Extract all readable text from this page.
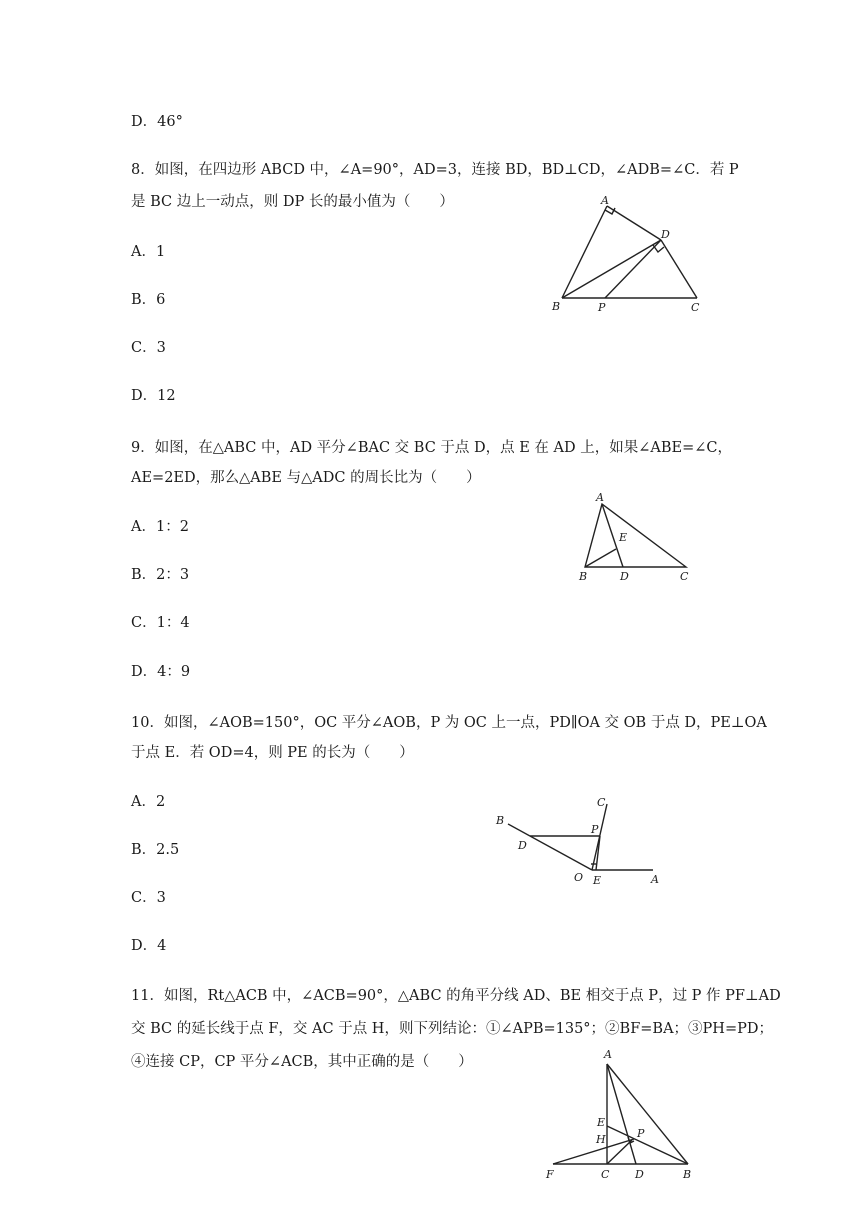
D．46°
8．如图，在四边形 ABCD 中，∠A=90°，AD=3，连接 BD，BD⊥CD，∠ADB=∠C．若 P
是 BC 边上一动点，则 DP 长的最小值为（　　）
A．1
B．6
C．3
D．12
A
D
B	P	C
9．如图，在△ABC 中，AD 平分∠BAC 交 BC 于点 D，点 E 在 AD 上，如果∠ABE=∠C，
AE=2ED，那么△ABE 与△ADC 的周长比为（　　）
A．1：2
B．2：3
C．1：4
D．4：9
A
E
B	D	C
10．如图，∠AOB=150°，OC 平分∠AOB，P 为 OC 上一点，PD∥OA 交 OB 于点 D，PE⊥OA
于点 E．若 OD=4，则 PE 的长为（　　）
A．2
B．2.5
C．3
D．4
B
C
P
D
O E	A
11．如图，Rt△ACB 中，∠ACB=90°，△ABC 的角平分线 AD、BE 相交于点 P，过 P 作 PF⊥AD
交 BC 的延长线于点 F，交 AC 于点 H，则下列结论：①∠APB=135°；②BF=BA；③PH=PD；
④连接 CP，CP 平分∠ACB，其中正确的是（　　）	A
E
H	P
F	C D	B
